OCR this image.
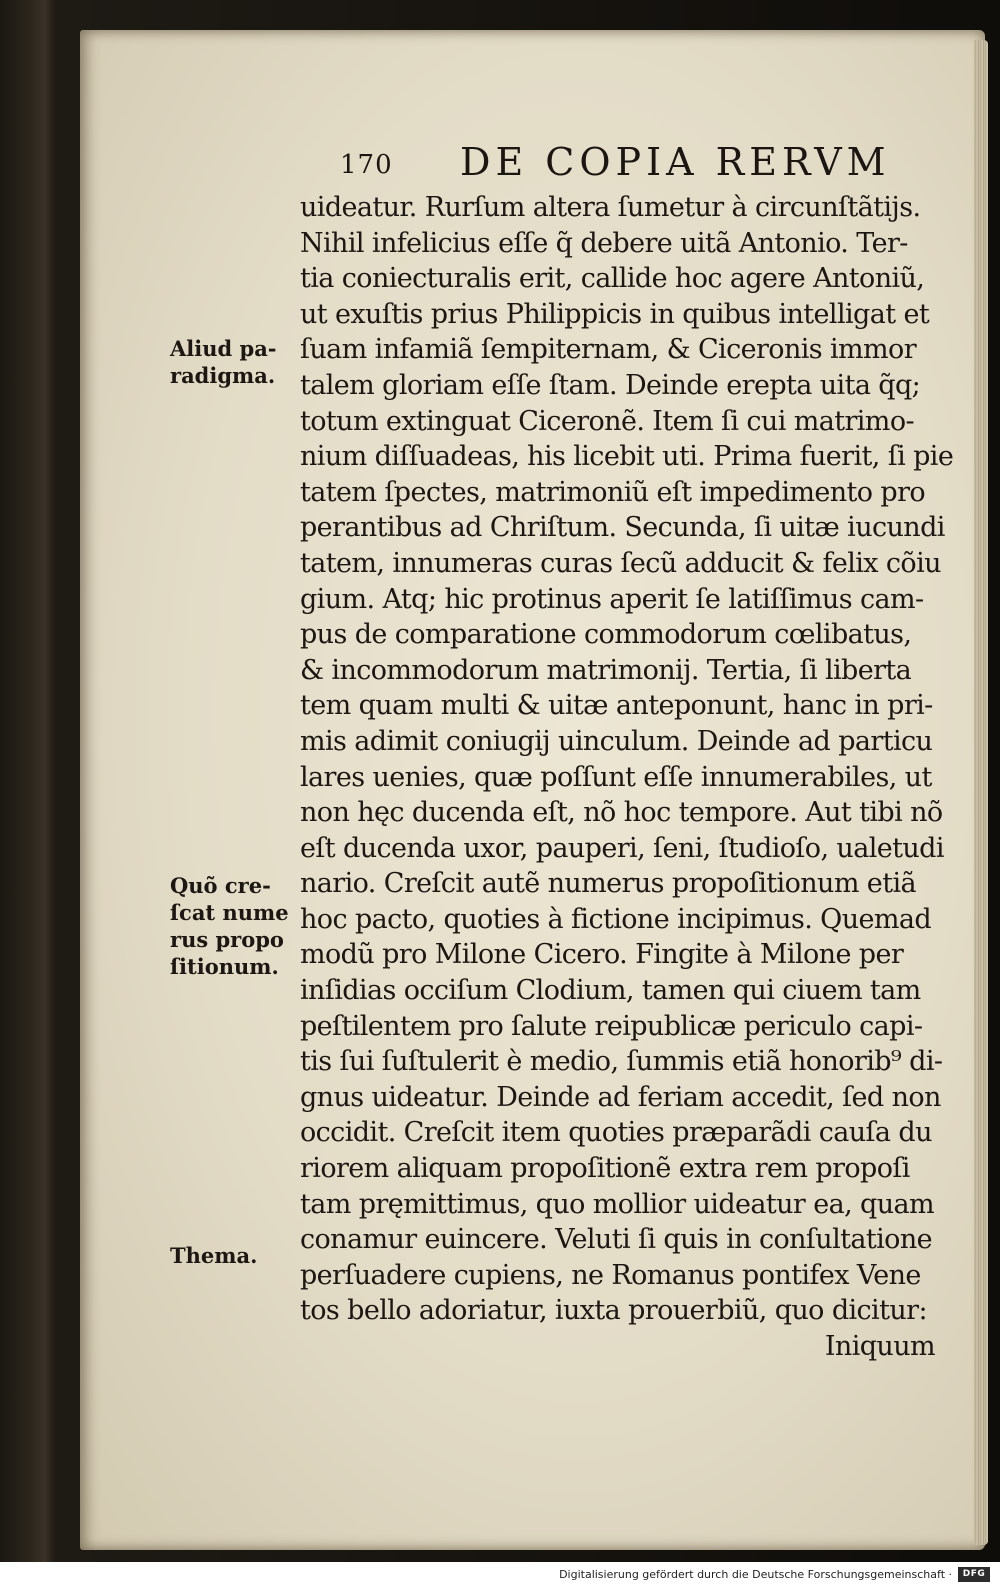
170 DE COPIA RERVM
uideatur. Rurſum altera ſumetur à circunſtãtijs.
Nihil infelicius eſſe q̃ debere uitã Antonio. Ter-
tia coniecturalis erit, callide hoc agere Antoniũ,
ut exuſtis prius Philippicis in quibus intelligat et
ſuam infamiã ſempiternam, & Ciceronis immor
talem gloriam eſſe ſtam. Deinde erepta uita q̃q;
totum extinguat Ciceronẽ. Item ſi cui matrimo-
nium diſſuadeas, his licebit uti. Prima fuerit, ſi pie
tatem ſpectes, matrimoniũ eſt impedimento pro
perantibus ad Chriſtum. Secunda, ſi uitæ iucundi
tatem, innumeras curas ſecũ adducit & felix cõiu
gium. Atq; hic protinus aperit ſe latiſſimus cam-
pus de comparatione commodorum cœlibatus,
& incommodorum matrimonij. Tertia, ſi liberta
tem quam multi & uitæ anteponunt, hanc in pri-
mis adimit coniugij uinculum. Deinde ad particu
lares uenies, quæ poſſunt eſſe innumerabiles, ut
non hęc ducenda eſt, nõ hoc tempore. Aut tibi nõ
eſt ducenda uxor, pauperi, ſeni, ſtudioſo, ualetudi
nario. Creſcit autẽ numerus propoſitionum etiã
hoc pacto, quoties à fictione incipimus. Quemad
modũ pro Milone Cicero. Fingite à Milone per
inſidias occiſum Clodium, tamen qui ciuem tam
peſtilentem pro ſalute reipublicæ periculo capi-
tis ſui ſuſtulerit è medio, ſummis etiã honorib⁹ di-
gnus uideatur. Deinde ad feriam accedit, ſed non
occidit. Creſcit item quoties præparãdi cauſa du
riorem aliquam propoſitionẽ extra rem propoſi
tam pręmittimus, quo mollior uideatur ea, quam
conamur euincere. Veluti ſi quis in conſultatione
perſuadere cupiens, ne Romanus pontifex Vene
tos bello adoriatur, iuxta prouerbiũ, quo dicitur:
Iniquum
Aliud pa-
radigma.
Quõ cre-
ſcat nume
rus propo
ſitionum.
Thema.
Digitalisierung gefördert durch die Deutsche Forschungsgemeinschaft ·	DFG
